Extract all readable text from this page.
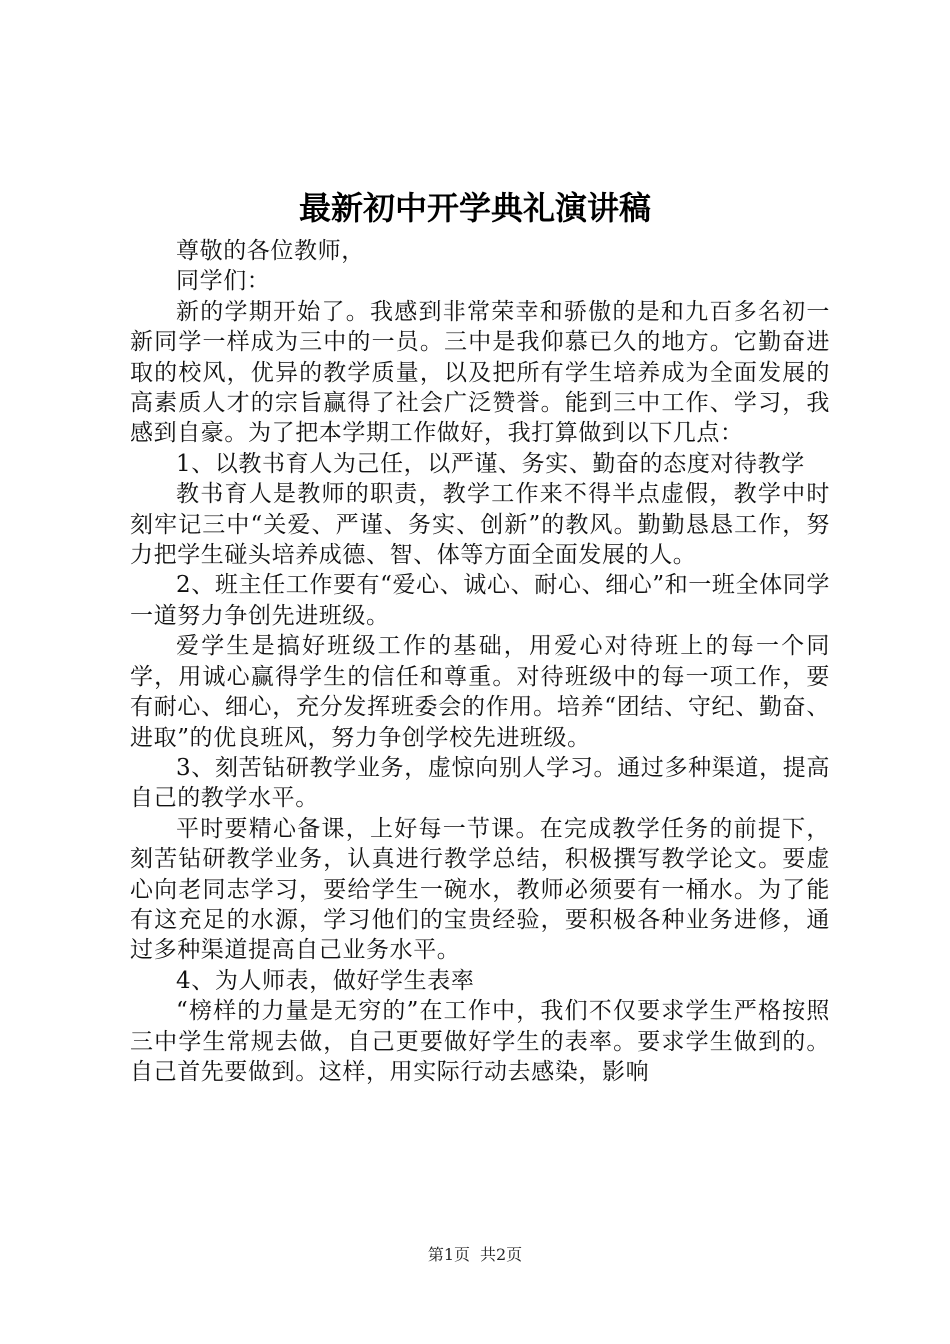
最新初中开学典礼演讲稿

尊敬的各位教师，

同学们：

新的学期开始了。我感到非常荣幸和骄傲的是和九百多名初一新同学一样成为三中的一员。三中是我仰慕已久的地方。它勤奋进取的校风，优异的教学质量，以及把所有学生培养成为全面发展的高素质人才的宗旨赢得了社会广泛赞誉。能到三中工作、学习，我感到自豪。为了把本学期工作做好，我打算做到以下几点：

1、以教书育人为己任，以严谨、务实、勤奋的态度对待教学

教书育人是教师的职责，教学工作来不得半点虚假，教学中时刻牢记三中“关爱、严谨、务实、创新”的教风。勤勤恳恳工作，努力把学生碰头培养成德、智、体等方面全面发展的人。

2、班主任工作要有“爱心、诚心、耐心、细心”和一班全体同学一道努力争创先进班级。

爱学生是搞好班级工作的基础，用爱心对待班上的每一个同学，用诚心赢得学生的信任和尊重。对待班级中的每一项工作，要有耐心、细心，充分发挥班委会的作用。培养“团结、守纪、勤奋、进取”的优良班风，努力争创学校先进班级。

3、刻苦钻研教学业务，虚惊向别人学习。通过多种渠道，提高自己的教学水平。

平时要精心备课，上好每一节课。在完成教学任务的前提下，刻苦钻研教学业务，认真进行教学总结，积极撰写教学论文。要虚心向老同志学习，要给学生一碗水，教师必须要有一桶水。为了能有这充足的水源，学习他们的宝贵经验，要积极各种业务进修，通过多种渠道提高自己业务水平。

4、为人师表，做好学生表率

“榜样的力量是无穷的”在工作中，我们不仅要求学生严格按照三中学生常规去做，自己更要做好学生的表率。要求学生做到的。自己首先要做到。这样，用实际行动去感染，影响

第1页 共2页
